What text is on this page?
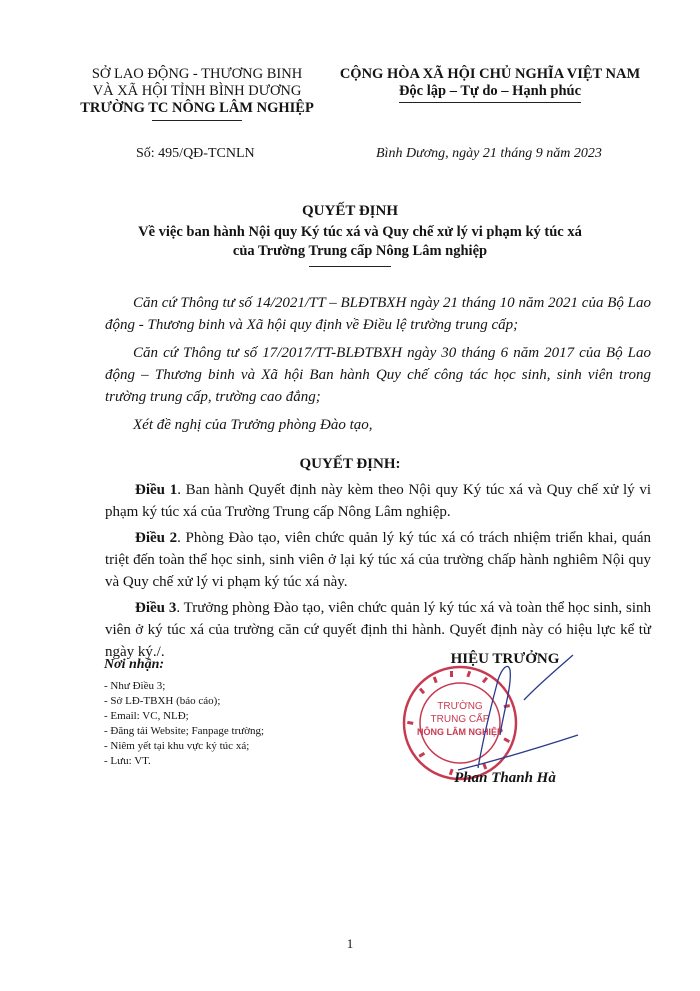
SỞ LAO ĐỘNG - THƯƠNG BINH
VÀ XÃ HỘI TỈNH BÌNH DƯƠNG
TRƯỜNG TC NÔNG LÂM NGHIỆP
CỘNG HÒA XÃ HỘI CHỦ NGHĨA VIỆT NAM
Độc lập – Tự do – Hạnh phúc
Số: 495/QĐ-TCNLN	Bình Dương, ngày 21 tháng 9 năm 2023
QUYẾT ĐỊNH
Về việc ban hành Nội quy Ký túc xá và Quy chế xử lý vi phạm ký túc xá
của Trường Trung cấp Nông Lâm nghiệp
Căn cứ Thông tư số 14/2021/TT – BLĐTBXH ngày 21 tháng 10 năm 2021 của Bộ Lao động - Thương binh và Xã hội quy định về Điều lệ trường trung cấp;
Căn cứ Thông tư số 17/2017/TT-BLĐTBXH ngày 30 tháng 6 năm 2017 của Bộ Lao động – Thương binh và Xã hội Ban hành Quy chế công tác học sinh, sinh viên trong trường trung cấp, trường cao đẳng;
Xét đề nghị của Trưởng phòng Đào tạo,
QUYẾT ĐỊNH:
Điều 1. Ban hành Quyết định này kèm theo Nội quy Ký túc xá và Quy chế xử lý vi phạm ký túc xá của Trường Trung cấp Nông Lâm nghiệp.
Điều 2. Phòng Đào tạo, viên chức quản lý ký túc xá có trách nhiệm triển khai, quán triệt đến toàn thể học sinh, sinh viên ở lại ký túc xá của trường chấp hành nghiêm Nội quy và Quy chế xử lý vi phạm ký túc xá này.
Điều 3. Trưởng phòng Đào tạo, viên chức quản lý ký túc xá và toàn thể học sinh, sinh viên ở ký túc xá của trường căn cứ quyết định thi hành. Quyết định này có hiệu lực kể từ ngày ký./.
Nơi nhận:
- Như Điều 3;
- Sở LĐ-TBXH (báo cáo);
- Email: VC, NLĐ;
- Đăng tải Website; Fanpage trường;
- Niêm yết tại khu vực ký túc xá;
- Lưu: VT.
HIỆU TRƯỞNG
TRƯỜNG
TRUNG CẤP
NÔNG LÂM NGHIỆP
Phan Thanh Hà
1
